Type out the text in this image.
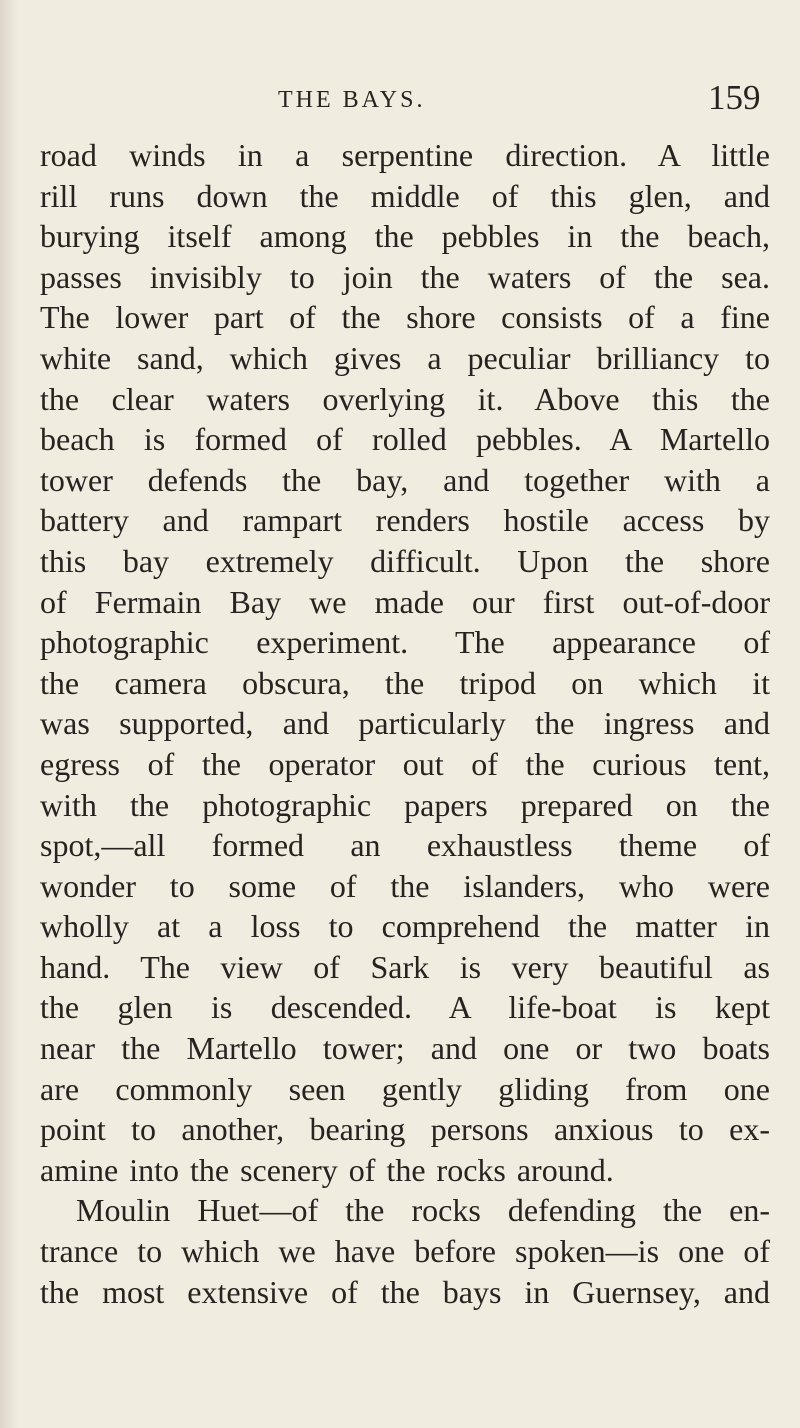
THE BAYS.	159
road winds in a serpentine direction. A little
rill runs down the middle of this glen, and
burying itself among the pebbles in the beach,
passes invisibly to join the waters of the sea.
The lower part of the shore consists of a fine
white sand, which gives a peculiar brilliancy to
the clear waters overlying it. Above this the
beach is formed of rolled pebbles. A Martello
tower defends the bay, and together with a
battery and rampart renders hostile access by
this bay extremely difficult. Upon the shore
of Fermain Bay we made our first out-of-door
photographic experiment. The appearance of
the camera obscura, the tripod on which it
was supported, and particularly the ingress and
egress of the operator out of the curious tent,
with the photographic papers prepared on the
spot,—all formed an exhaustless theme of
wonder to some of the islanders, who were
wholly at a loss to comprehend the matter in
hand. The view of Sark is very beautiful as
the glen is descended. A life-boat is kept
near the Martello tower; and one or two boats
are commonly seen gently gliding from one
point to another, bearing persons anxious to ex-
amine into the scenery of the rocks around.
Moulin Huet—of the rocks defending the en-
trance to which we have before spoken—is one of
the most extensive of the bays in Guernsey, and
